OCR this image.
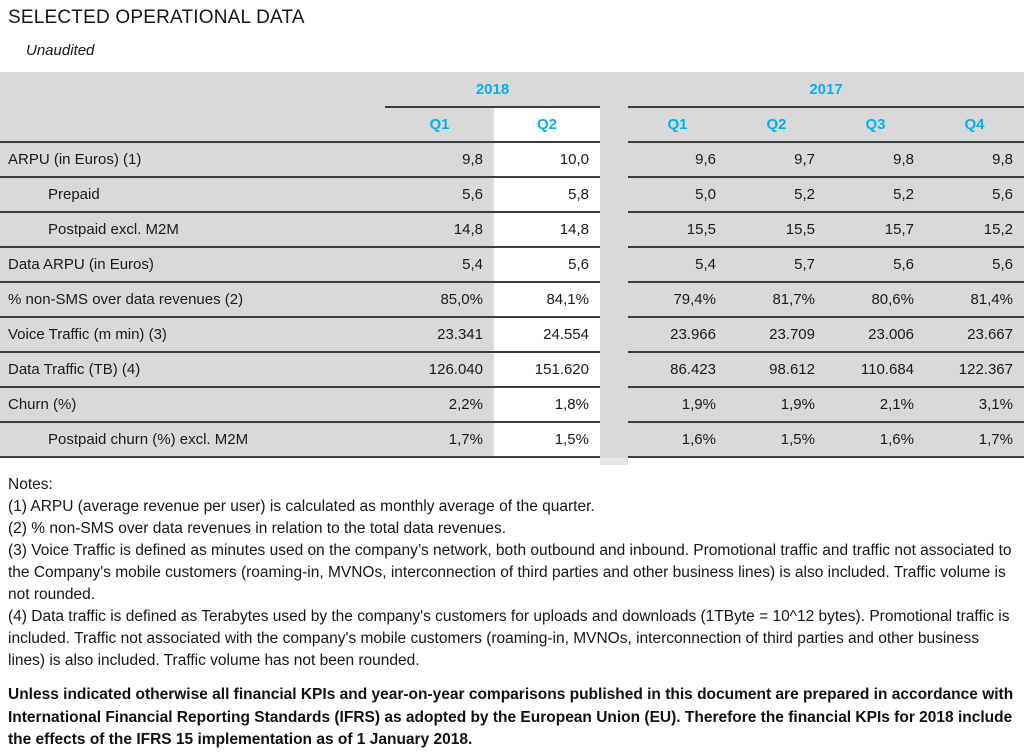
SELECTED OPERATIONAL DATA
Unaudited
2018	2017
Q1	Q2	Q1	Q2	Q3	Q4
ARPU (in Euros) (1)	9,8	10,0	9,6	9,7	9,8	9,8
Prepaid	5,6	5,8	5,0	5,2	5,2	5,6
Postpaid excl. M2M	14,8	14,8	15,5	15,5	15,7	15,2
Data ARPU (in Euros)	5,4	5,6	5,4	5,7	5,6	5,6
% non-SMS over data revenues (2)	85,0%	84,1%	79,4%	81,7%	80,6%	81,4%
Voice Traffic (m min) (3)	23.341	24.554	23.966	23.709	23.006	23.667
Data Traffic (TB) (4)	126.040	151.620	86.423	98.612	110.684	122.367
Churn (%)	2,2%	1,8%	1,9%	1,9%	2,1%	3,1%
Postpaid churn (%) excl. M2M	1,7%	1,5%	1,6%	1,5%	1,6%	1,7%

Notes:

(1) ARPU (average revenue per user) is calculated as monthly average of the quarter.

(2) % non-SMS over data revenues in relation to the total data revenues.

(3) Voice Traffic is defined as minutes used on the company’s network, both outbound and inbound. Promotional traffic and traffic not associated to the Company's mobile customers (roaming-in, MVNOs, interconnection of third parties and other business lines) is also included. Traffic volume is not rounded.

(4) Data traffic is defined as Terabytes used by the company's customers for uploads and downloads (1TByte = 10^12 bytes). Promotional traffic is included. Traffic not associated with the company's mobile customers (roaming-in, MVNOs, interconnection of third parties and other business lines) is also included. Traffic volume has not been rounded.

Unless indicated otherwise all financial KPIs and year-on-year comparisons published in this document are prepared in accordance with International Financial Reporting Standards (IFRS) as adopted by the European Union (EU). Therefore the financial KPIs for 2018 include the effects of the IFRS 15 implementation as of 1 January 2018.
